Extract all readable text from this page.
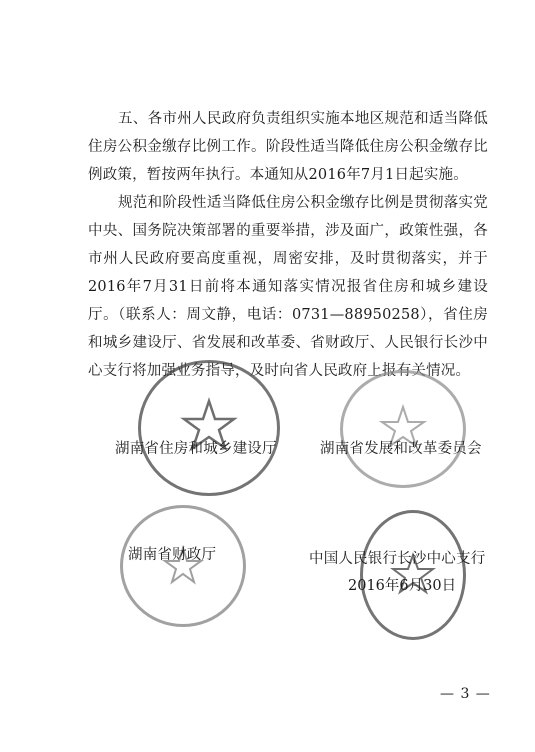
五、各市州人民政府负责组织实施本地区规范和适当降低住房公积金缴存比例工作。阶段性适当降低住房公积金缴存比例政策，暂按两年执行。本通知从2016年7月1日起实施。

规范和阶段性适当降低住房公积金缴存比例是贯彻落实党中央、国务院决策部署的重要举措，涉及面广，政策性强，各市州人民政府要高度重视，周密安排，及时贯彻落实，并于2016年7月31日前将本通知落实情况报省住房和城乡建设厅。（联系人：周文静，电话：0731—88950258），省住房和城乡建设厅、省发展和改革委、省财政厅、人民银行长沙中心支行将加强业务指导，及时向省人民政府上报有关情况。

湖南省住房和城乡建设厅	湖南省发展和改革委员会
湖南省财政厅	中国人民银行长沙中心支行
2016年6月30日
— 3 —
